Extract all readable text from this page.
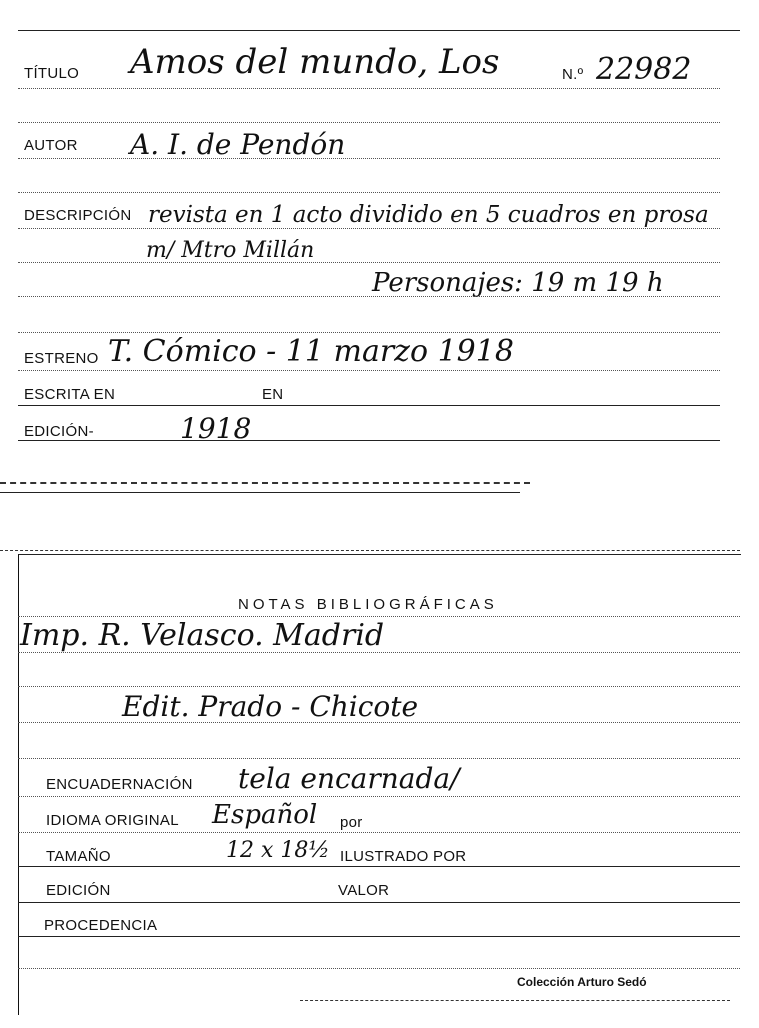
TÍTULO Amos del mundo, Los	N.º 22982
AUTOR A. I. de Pendón
DESCRIPCIÓN revista en 1 acto dividido en 5 cuadros en prosa
m/ Mtro Millán
Personajes: 19 m 19 h
ESTRENO T. Cómico - 11 marzo 1918
ESCRITA EN	EN
EDICIÓN-	1918
NOTAS BIBLIOGRÁFICAS
Imp. R. Velasco. Madrid
Edit. Prado - Chicote
ENCUADERNACIÓN tela encarnada/
IDIOMA ORIGINAL Español por
TAMAÑO	12 x 18½ ILUSTRADO POR
EDICIÓN	VALOR
PROCEDENCIA
Colección Arturo Sedó
